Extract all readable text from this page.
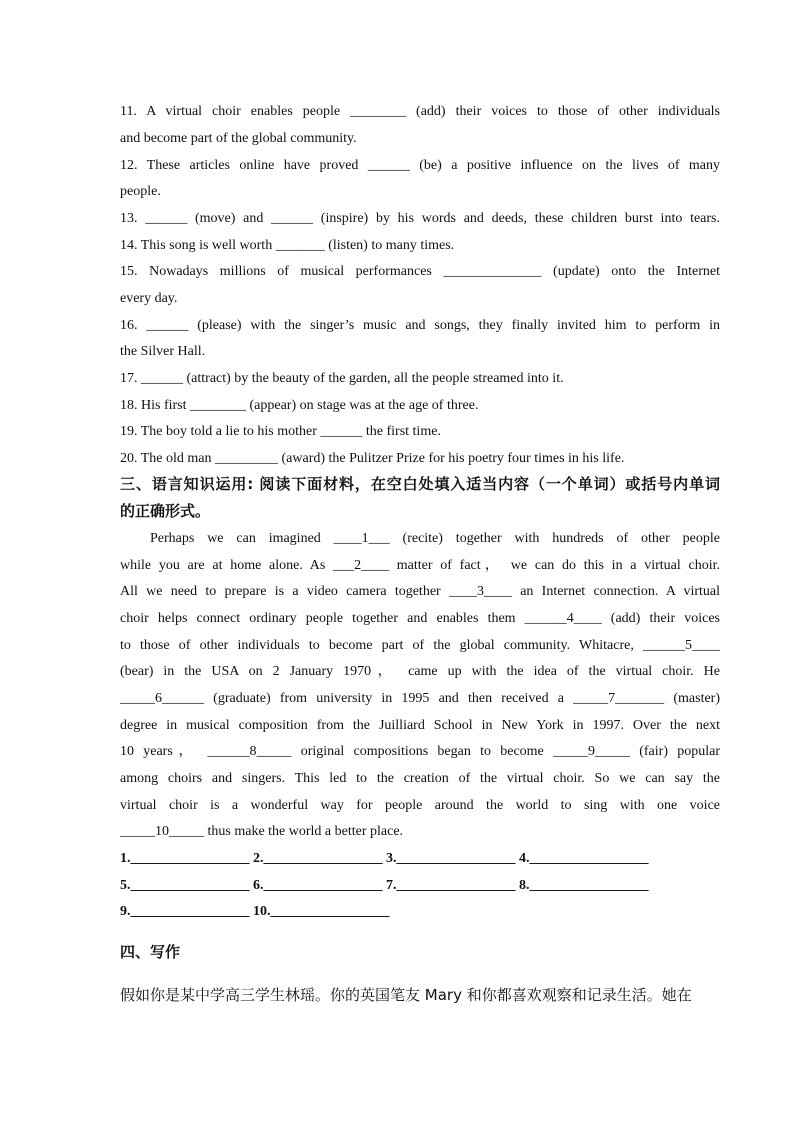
11. A virtual choir enables people ________ (add) their voices to those of other individuals
and become part of the global community.
12. These articles online have proved ______ (be) a positive influence on the lives of many
people.
13. ______ (move) and ______ (inspire) by his words and deeds, these children burst into tears.
14. This song is well worth _______ (listen) to many times.
15. Nowadays millions of musical performances ______________ (update) onto the Internet
every day.
16. ______ (please) with the singer’s music and songs, they finally invited him to perform in
the Silver Hall.
17. ______ (attract) by the beauty of the garden, all the people streamed into it.
18. His first ________ (appear) on stage was at the age of three.
19. The boy told a lie to his mother ______ the first time.
20. The old man _________ (award) the Pulitzer Prize for his poetry four times in his life.
三、语言知识运用: 阅读下面材料，在空白处填入适当内容（一个单词）或括号内单词
的正确形式。
Perhaps we can imagined ____1___ (recite) together with hundreds of other people
while you are at home alone. As ___2____ matter of fact， we can do this in a virtual choir.
All we need to prepare is a video camera together ____3____ an Internet connection. A virtual
choir helps connect ordinary people together and enables them ______4____ (add) their voices
to those of other individuals to become part of the global community. Whitacre, ______5____
(bear) in the USA on 2 January 1970， came up with the idea of the virtual choir. He
_____6______ (graduate) from university in 1995 and then received a _____7_______ (master)
degree in musical composition from the Juilliard School in New York in 1997. Over the next
10 years， ______8_____ original compositions began to become _____9_____ (fair) popular
among choirs and singers. This led to the creation of the virtual choir. So we can say the
virtual choir is a wonderful way for people around the world to sing with one voice
_____10_____ thus make the world a better place.
1._________________ 2._________________ 3._________________ 4._________________
5._________________ 6._________________ 7._________________ 8._________________
9._________________ 10._________________
四、写作
假如你是某中学高三学生林瑶。你的英国笔友 Mary 和你都喜欢观察和记录生活。她在
